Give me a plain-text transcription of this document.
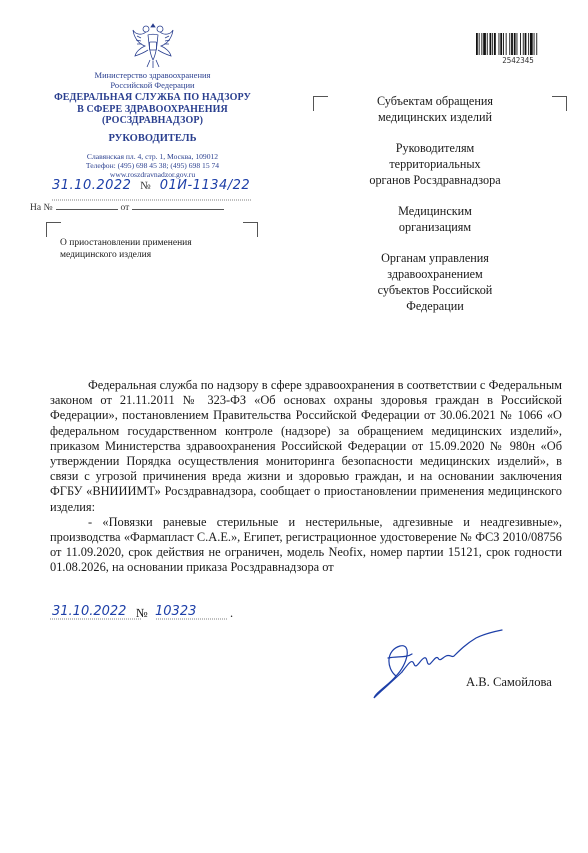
Министерство здравоохранения
Российской Федерации
ФЕДЕРАЛЬНАЯ СЛУЖБА ПО НАДЗОРУ
В СФЕРЕ ЗДРАВООХРАНЕНИЯ
(РОСЗДРАВНАДЗОР)
РУКОВОДИТЕЛЬ
Славянская пл. 4, стр. 1, Москва, 109012
Телефон: (495) 698 45 38; (495) 698 15 74
www.roszdravnadzor.gov.ru
31.10.2022 № 01И-1134/22
На №	от
О приостановлении применения
медицинского изделия
2542345
Субъектам обращения
медицинских изделий
Руководителям
территориальных
органов Росздравнадзора
Медицинским
организациям
Органам управления
здравоохранением
субъектов Российской
Федерации

Федеральная служба по надзору в сфере здравоохранения в соответствии с Федеральным законом от 21.11.2011 № 323-ФЗ «Об основах охраны здоровья граждан в Российской Федерации», постановлением Правительства Российской Федерации от 30.06.2021 № 1066 «О федеральном государственном контроле (надзоре) за обращением медицинских изделий», приказом Министерства здравоохранения Российской Федерации от 15.09.2020 № 980н «Об утверждении Порядка осуществления мониторинга безопасности медицинских изделий», в связи с угрозой причинения вреда жизни и здоровью граждан, и на основании заключения ФГБУ «ВНИИИМТ» Росздравнадзора, сообщает о приостановлении применения медицинского изделия:

- «Повязки раневые стерильные и нестерильные, адгезивные и неадгезивные», производства «Фармапласт С.А.Е.», Египет, регистрационное удостоверение № ФСЗ 2010/08756 от 11.09.2020, срок действия не ограничен, модель Neofix, номер партии 15121, срок годности 01.08.2026, на основании приказа Росздравнадзора от

31.10.2022 № 10323	.
А.В. Самойлова
